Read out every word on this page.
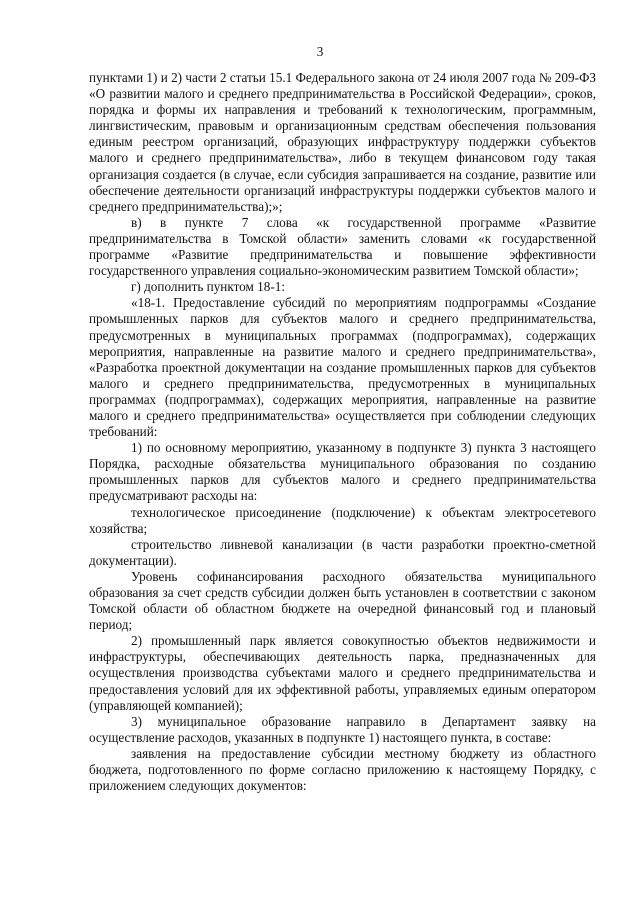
3

пунктами 1) и 2) части 2 статьи 15.1 Федерального закона от 24 июля 2007 года № 209-ФЗ «О развитии малого и среднего предпринимательства в Российской Федерации», сроков, порядка и формы их направления и требований к технологическим, программным, лингвистическим, правовым и организационным средствам обеспечения пользования единым реестром организаций, образующих инфраструктуру поддержки субъектов малого и среднего предпринимательства», либо в текущем финансовом году такая организация создается (в случае, если субсидия запрашивается на создание, развитие или обеспечение деятельности организаций инфраструктуры поддержки субъектов малого и среднего предпринимательства);»;

в) в пункте 7 слова «к государственной программе «Развитие предпринимательства в Томской области» заменить словами «к государственной программе «Развитие предпринимательства и повышение эффективности государственного управления социально-экономическим развитием Томской области»;

г) дополнить пунктом 18-1:

«18-1. Предоставление субсидий по мероприятиям подпрограммы «Создание промышленных парков для субъектов малого и среднего предпринимательства, предусмотренных в муниципальных программах (подпрограммах), содержащих мероприятия, направленные на развитие малого и среднего предпринимательства», «Разработка проектной документации на создание промышленных парков для субъектов малого и среднего предпринимательства, предусмотренных в муниципальных программах (подпрограммах), содержащих мероприятия, направленные на развитие малого и среднего предпринимательства» осуществляется при соблюдении следующих требований:

1) по основному мероприятию, указанному в подпункте 3) пункта 3 настоящего Порядка, расходные обязательства муниципального образования по созданию промышленных парков для субъектов малого и среднего предпринимательства предусматривают расходы на:

технологическое присоединение (подключение) к объектам электросетевого хозяйства;

строительство ливневой канализации (в части разработки проектно-сметной документации).

Уровень софинансирования расходного обязательства муниципального образования за счет средств субсидии должен быть установлен в соответствии с законом Томской области об областном бюджете на очередной финансовый год и плановый период;

2) промышленный парк является совокупностью объектов недвижимости и инфраструктуры, обеспечивающих деятельность парка, предназначенных для осуществления производства субъектами малого и среднего предпринимательства и предоставления условий для их эффективной работы, управляемых единым оператором (управляющей компанией);

3) муниципальное образование направило в Департамент заявку на осуществление расходов, указанных в подпункте 1) настоящего пункта, в составе:

заявления на предоставление субсидии местному бюджету из областного бюджета, подготовленного по форме согласно приложению к настоящему Порядку, с приложением следующих документов:
